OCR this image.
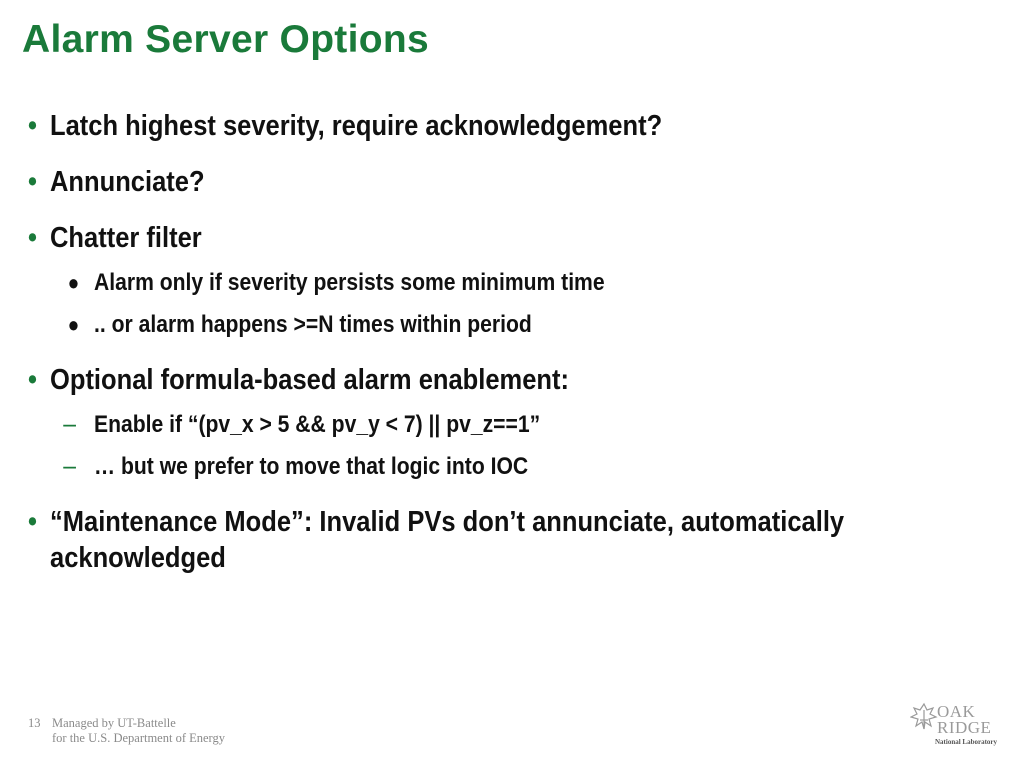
Alarm Server Options
• Latch highest severity, require acknowledgement?
• Annunciate?
• Chatter filter
● Alarm only if severity persists some minimum time
● .. or alarm happens >=N times within period
• Optional formula-based alarm enablement:
– Enable if “(pv_x > 5 && pv_y < 7) || pv_z==1”
– … but we prefer to move that logic into IOC
• “Maintenance Mode”: Invalid PVs don’t annunciate, automatically acknowledged
13 Managed by UT-Battelle
for the U.S. Department of Energy
OAK
RIDGE
National Laboratory
